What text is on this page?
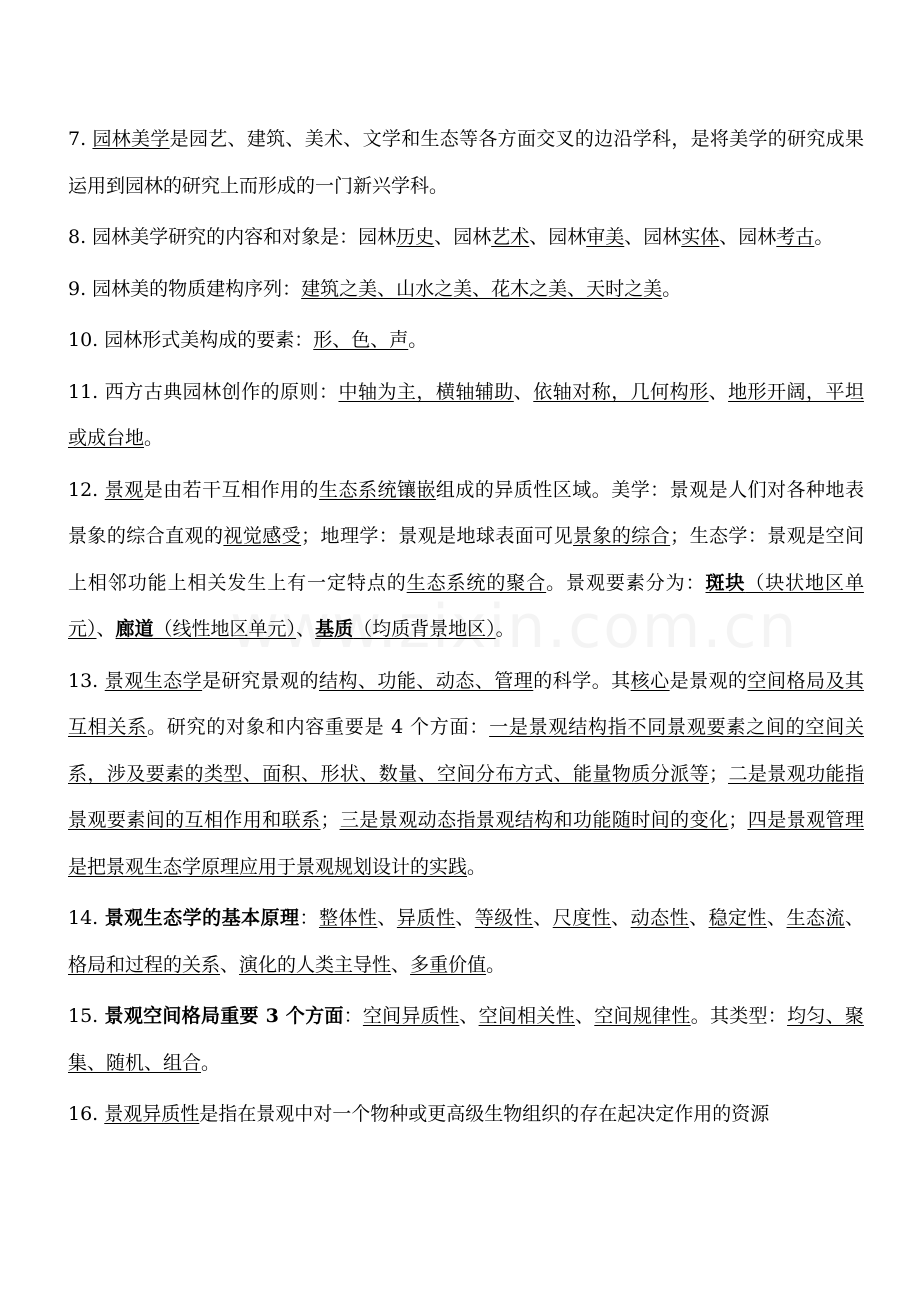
7. 园林美学是园艺、建筑、美术、文学和生态等各方面交叉的边沿学科，是将美学的研究成果运用到园林的研究上而形成的一门新兴学科。

8. 园林美学研究的内容和对象是：园林历史、园林艺术、园林审美、园林实体、园林考古。

9. 园林美的物质建构序列：建筑之美、山水之美、花木之美、天时之美。

10. 园林形式美构成的要素：形、色、声。

11. 西方古典园林创作的原则：中轴为主，横轴辅助、依轴对称，几何构形、地形开阔，平坦或成台地。

12. 景观是由若干互相作用的生态系统镶嵌组成的异质性区域。美学：景观是人们对各种地表景象的综合直观的视觉感受；地理学：景观是地球表面可见景象的综合；生态学：景观是空间上相邻功能上相关发生上有一定特点的生态系统的聚合。景观要素分为：斑块（块状地区单元）、廊道（线性地区单元）、基质（均质背景地区）。

13. 景观生态学是研究景观的结构、功能、动态、管理的科学。其核心是景观的空间格局及其互相关系。研究的对象和内容重要是 4 个方面：一是景观结构指不同景观要素之间的空间关系，涉及要素的类型、面积、形状、数量、空间分布方式、能量物质分派等；二是景观功能指景观要素间的互相作用和联系；三是景观动态指景观结构和功能随时间的变化；四是景观管理是把景观生态学原理应用于景观规划设计的实践。

14. 景观生态学的基本原理：整体性、异质性、等级性、尺度性、动态性、稳定性、生态流、格局和过程的关系、演化的人类主导性、多重价值。

15. 景观空间格局重要 3 个方面：空间异质性、空间相关性、空间规律性。其类型：均匀、聚集、随机、组合。

16. 景观异质性是指在景观中对一个物种或更高级生物组织的存在起决定作用的资源
